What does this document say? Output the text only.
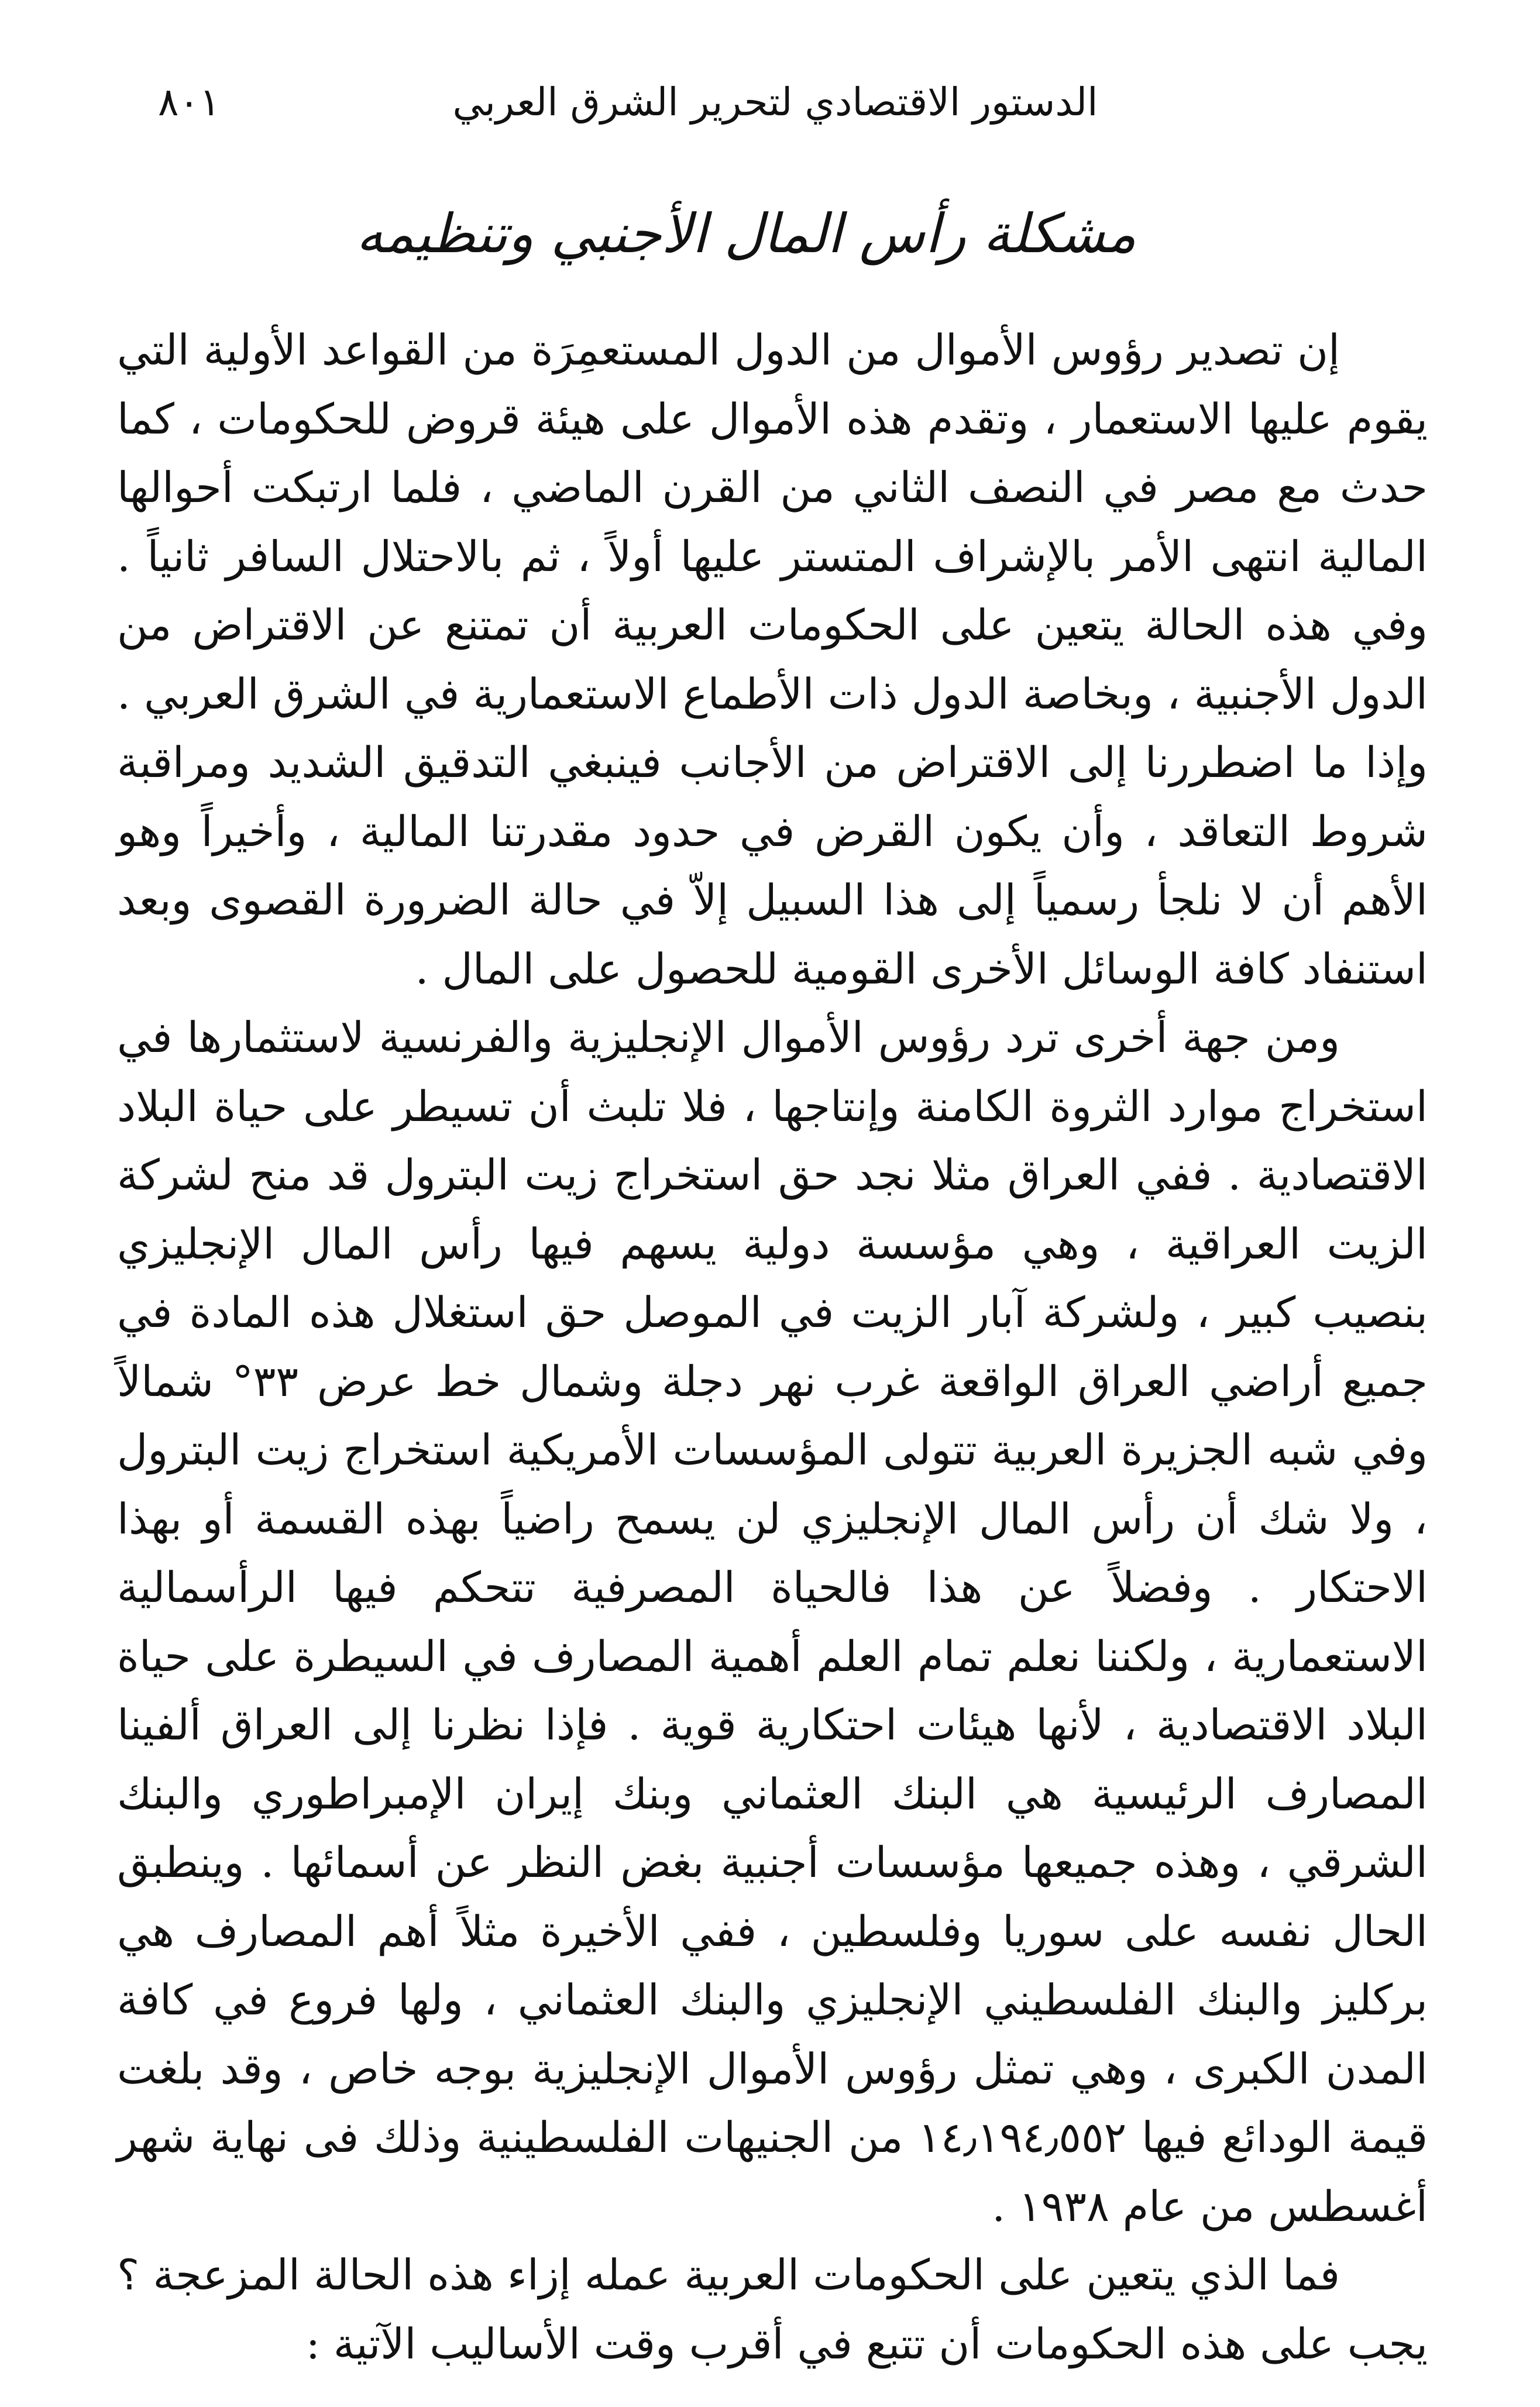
الدستور الاقتصادي لتحرير الشرق العربي
٨٠١
مشكلة رأس المال الأجنبي وتنظيمه

إن تصدير رؤوس الأموال من الدول المستعمِرَة من القواعد الأولية التي يقوم عليها الاستعمار ، وتقدم هذه الأموال على هيئة قروض للحكومات ، كما حدث مع مصر في النصف الثاني من القرن الماضي ، فلما ارتبكت أحوالها المالية انتهى الأمر بالإشراف المتستر عليها أولاً ، ثم بالاحتلال السافر ثانياً . وفي هذه الحالة يتعين على الحكومات العربية أن تمتنع عن الاقتراض من الدول الأجنبية ، وبخاصة الدول ذات الأطماع الاستعمارية في الشرق العربي . وإذا ما اضطررنا إلى الاقتراض من الأجانب فينبغي التدقيق الشديد ومراقبة شروط التعاقد ، وأن يكون القرض في حدود مقدرتنا المالية ، وأخيراً وهو الأهم أن لا نلجأ رسمياً إلى هذا السبيل إلاّ في حالة الضرورة القصوى وبعد استنفاد كافة الوسائل الأخرى القومية للحصول على المال .

ومن جهة أخرى ترد رؤوس الأموال الإنجليزية والفرنسية لاستثمارها في استخراج موارد الثروة الكامنة وإنتاجها ، فلا تلبث أن تسيطر على حياة البلاد الاقتصادية . ففي العراق مثلا نجد حق استخراج زيت البترول قد منح لشركة الزيت العراقية ، وهي مؤسسة دولية يسهم فيها رأس المال الإنجليزي بنصيب كبير ، ولشركة آبار الزيت في الموصل حق استغلال هذه المادة في جميع أراضي العراق الواقعة غرب نهر دجلة وشمال خط عرض ٣٣° شمالاً وفي شبه الجزيرة العربية تتولى المؤسسات الأمريكية استخراج زيت البترول ، ولا شك أن رأس المال الإنجليزي لن يسمح راضياً بهذه القسمة أو بهذا الاحتكار . وفضلاً عن هذا فالحياة المصرفية تتحكم فيها الرأسمالية الاستعمارية ، ولكننا نعلم تمام العلم أهمية المصارف في السيطرة على حياة البلاد الاقتصادية ، لأنها هيئات احتكارية قوية . فإذا نظرنا إلى العراق ألفينا المصارف الرئيسية هي البنك العثماني وبنك إيران الإمبراطوري والبنك الشرقي ، وهذه جميعها مؤسسات أجنبية بغض النظر عن أسمائها . وينطبق الحال نفسه على سوريا وفلسطين ، ففي الأخيرة مثلاً أهم المصارف هي بركليز والبنك الفلسطيني الإنجليزي والبنك العثماني ، ولها فروع في كافة المدن الكبرى ، وهي تمثل رؤوس الأموال الإنجليزية بوجه خاص ، وقد بلغت قيمة الودائع فيها ١٤٫١٩٤٫٥٥٢ من الجنيهات الفلسطينية وذلك فى نهاية شهر أغسطس من عام ١٩٣٨ .

فما الذي يتعين على الحكومات العربية عمله إزاء هذه الحالة المزعجة ؟ يجب على هذه الحكومات أن تتبع في أقرب وقت الأساليب الآتية :
